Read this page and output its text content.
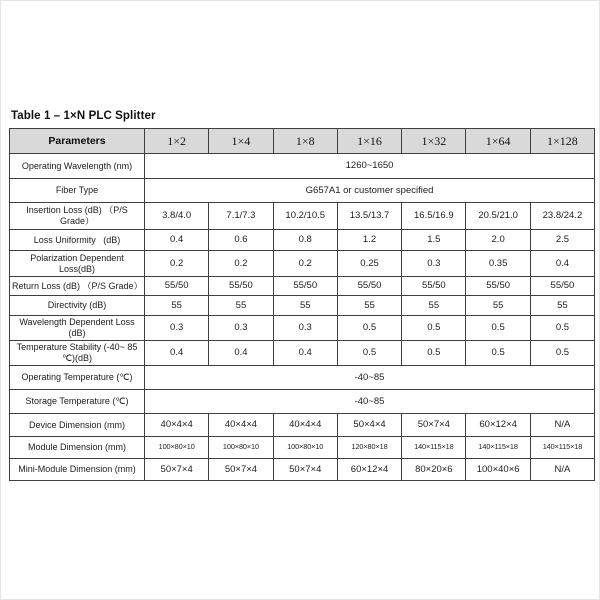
Table 1 – 1×N PLC Splitter
Parameters	1×2	1×4	1×8	1×16	1×32	1×64	1×128
Operating Wavelength (nm)	1260~1650						
Fiber Type	G657A1 or customer specified						
Insertion Loss (dB) （P/S Grade）	3.8/4.0	7.1/7.3	10.2/10.5	13.5/13.7	16.5/16.9	20.5/21.0	23.8/24.2
Loss Uniformity   (dB)	0.4	0.6	0.8	1.2	1.5	2.0	2.5
Polarization Dependent Loss(dB)	0.2	0.2	0.2	0.25	0.3	0.35	0.4
Return Loss (dB) （P/S Grade）	55/50	55/50	55/50	55/50	55/50	55/50	55/50
Directivity (dB)	55	55	55	55	55	55	55
Wavelength Dependent Loss (dB)	0.3	0.3	0.3	0.5	0.5	0.5	0.5
Temperature Stability (-40~ 85 ℃)(dB)	0.4	0.4	0.4	0.5	0.5	0.5	0.5
Operating Temperature (℃)	-40~85						
Storage Temperature (℃)	-40~85						
Device Dimension (mm)	40×4×4	40×4×4	40×4×4	50×4×4	50×7×4	60×12×4	N/A
Module Dimension (mm)	100×80×10	100×80×10	100×80×10	120×80×18	140×115×18	140×115×18	140×115×18
Mini-Module Dimension (mm)	50×7×4	50×7×4	50×7×4	60×12×4	80×20×6	100×40×6	N/A
